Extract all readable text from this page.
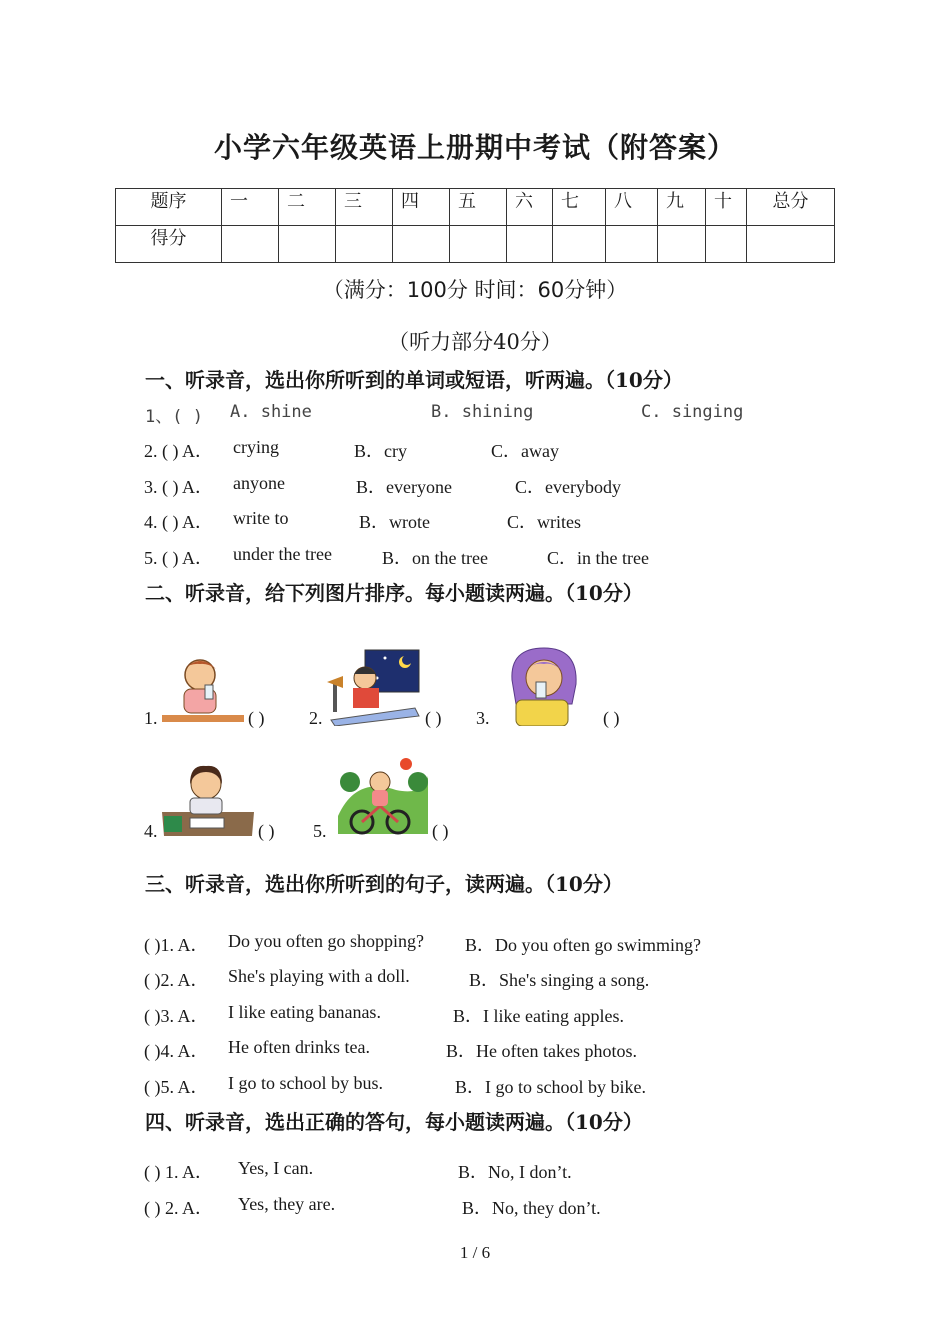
小学六年级英语上册期中考试（附答案）
题序	一	二	三	四	五	六	七	八	九	十	总分
得分											
（满分：100分 时间：60分钟）
（听力部分40分）
一、听录音，选出你所听到的单词或短语，听两遍。（10分）
1、( ) A. shine	B. shining	C. singing
2. ( ) A． crying	B．cry	C．away
3. ( ) A． anyone	B．everyone	C．everybody
4. ( ) A． write to	B．wrote	C．writes
5. ( ) A． under the tree	B．on the tree	C．in the tree
二、听录音，给下列图片排序。每小题读两遍。（10分）
1.	( ) 2.	( ) 3.	( )
4.	( ) 5.	( )
三、听录音，选出你所听到的句子，读两遍。（10分）
( )1. A． Do you often go shopping? B．Do you often go swimming?
( )2. A． She's playing with a doll.	B．She's singing a song.
( )3. A． I like eating bananas.	B．I like eating apples.
( )4. A． He often drinks tea.	B．He often takes photos.
( )5. A． I go to school by bus.	B．I go to school by bike.
四、听录音，选出正确的答句，每小题读两遍。（10分）
( ) 1. A． Yes, I can.	B．No, I don’t.
( ) 2. A． Yes, they are.	B．No, they don’t.
1 / 6
